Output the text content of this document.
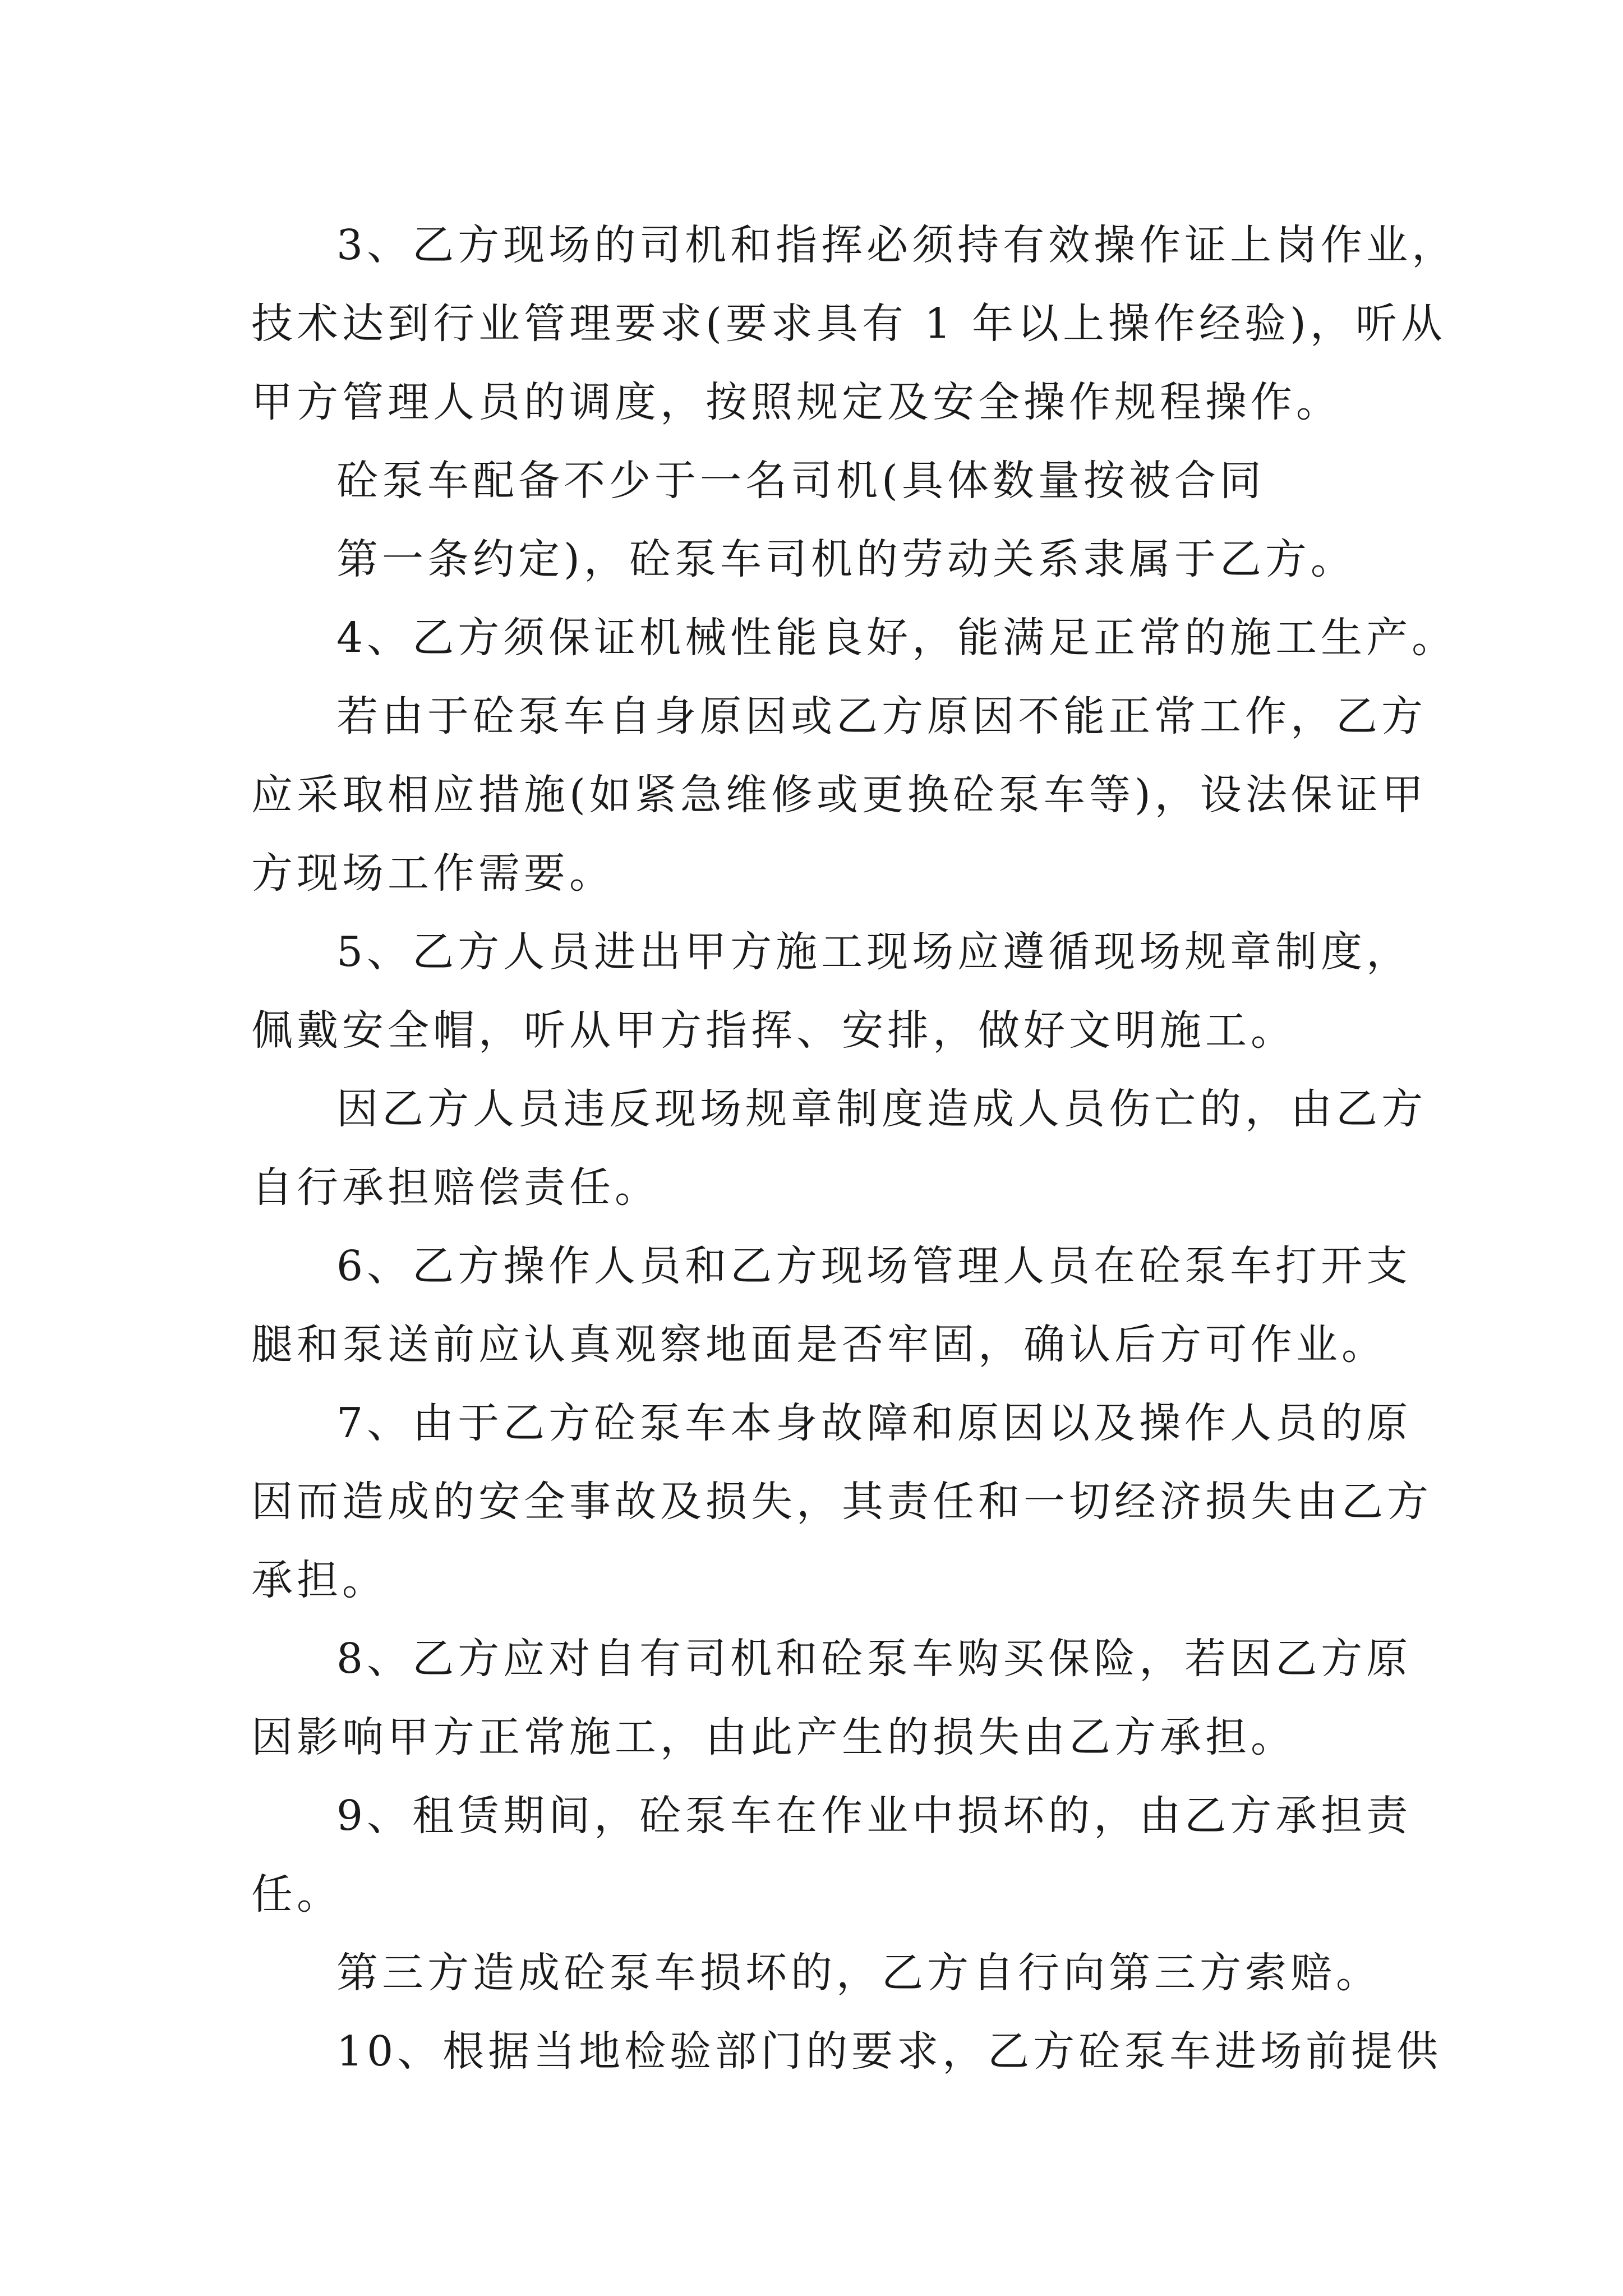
3、乙方现场的司机和指挥必须持有效操作证上岗作业，
技术达到行业管理要求(要求具有 1 年以上操作经验)，听从
甲方管理人员的调度，按照规定及安全操作规程操作。
砼泵车配备不少于一名司机(具体数量按被合同
第一条约定)，砼泵车司机的劳动关系隶属于乙方。
4、乙方须保证机械性能良好，能满足正常的施工生产。
若由于砼泵车自身原因或乙方原因不能正常工作，乙方
应采取相应措施(如紧急维修或更换砼泵车等)，设法保证甲
方现场工作需要。
5、乙方人员进出甲方施工现场应遵循现场规章制度，
佩戴安全帽，听从甲方指挥、安排，做好文明施工。
因乙方人员违反现场规章制度造成人员伤亡的，由乙方
自行承担赔偿责任。
6、乙方操作人员和乙方现场管理人员在砼泵车打开支
腿和泵送前应认真观察地面是否牢固，确认后方可作业。
7、由于乙方砼泵车本身故障和原因以及操作人员的原
因而造成的安全事故及损失，其责任和一切经济损失由乙方
承担。
8、乙方应对自有司机和砼泵车购买保险，若因乙方原
因影响甲方正常施工，由此产生的损失由乙方承担。
9、租赁期间，砼泵车在作业中损坏的，由乙方承担责
任。
第三方造成砼泵车损坏的，乙方自行向第三方索赔。
10、根据当地检验部门的要求，乙方砼泵车进场前提供
